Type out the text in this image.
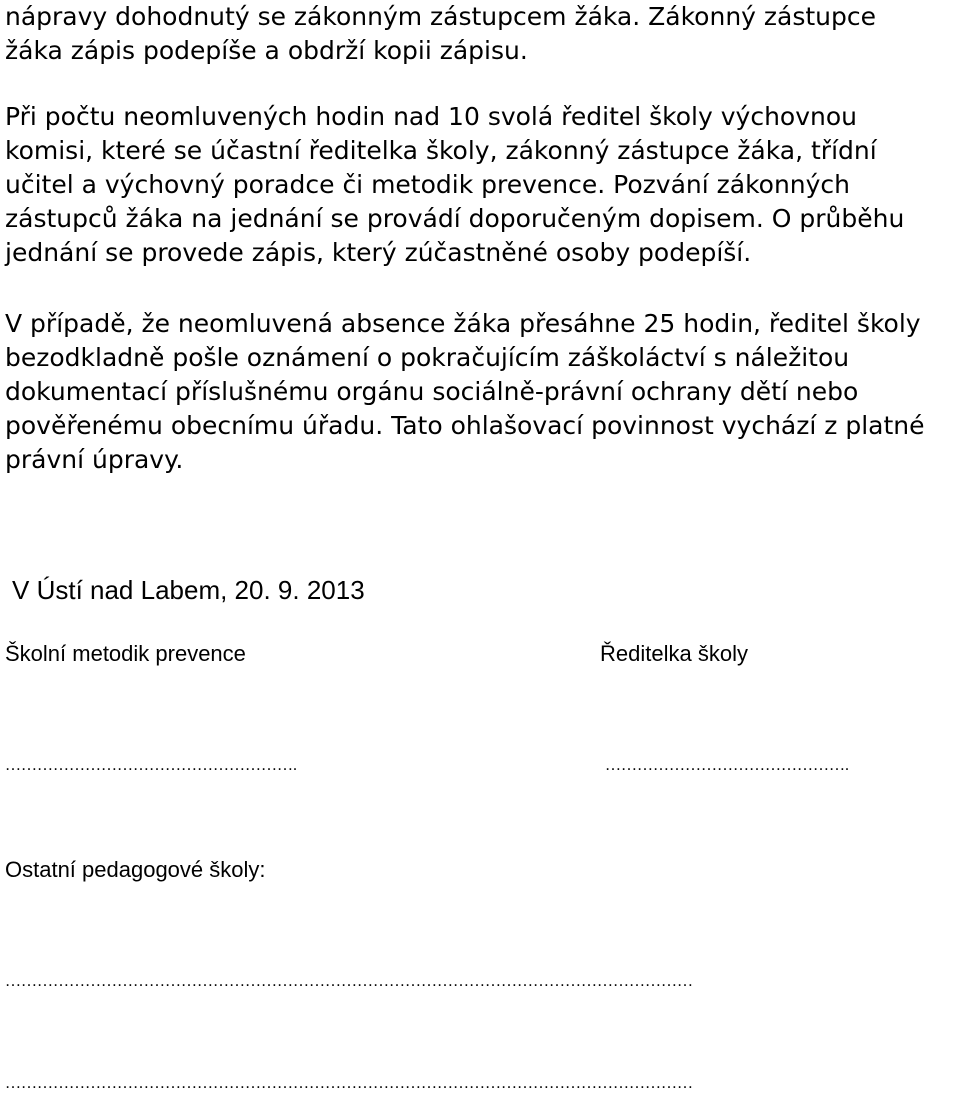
nápravy dohodnutý se zákonným zástupcem žáka. Zákonný zástupce
žáka zápis podepíše a obdrží kopii zápisu.

Při počtu neomluvených hodin nad 10 svolá ředitel školy výchovnou
komisi, které se účastní ředitelka školy, zákonný zástupce žáka, třídní
učitel a výchovný poradce či metodik prevence. Pozvání zákonných
zástupců žáka na jednání se provádí doporučeným dopisem. O průběhu
jednání se provede zápis, který zúčastněné osoby podepíší.

V případě, že neomluvená absence žáka přesáhne 25 hodin, ředitel školy
bezodkladně pošle oznámení o pokračujícím záškoláctví s náležitou
dokumentací příslušnému orgánu sociálně-právní ochrany dětí nebo
pověřenému obecnímu úřadu. Tato ohlašovací povinnost vychází z platné
právní úpravy.

V Ústí nad Labem, 20. 9. 2013

Školní metodik prevence	Ředitelka školy

……………………………………………….	……………………………………….

Ostatní pedagogové školy:

…………………………………………………………………………………………………………………

…………………………………………………………………………………………………………………
